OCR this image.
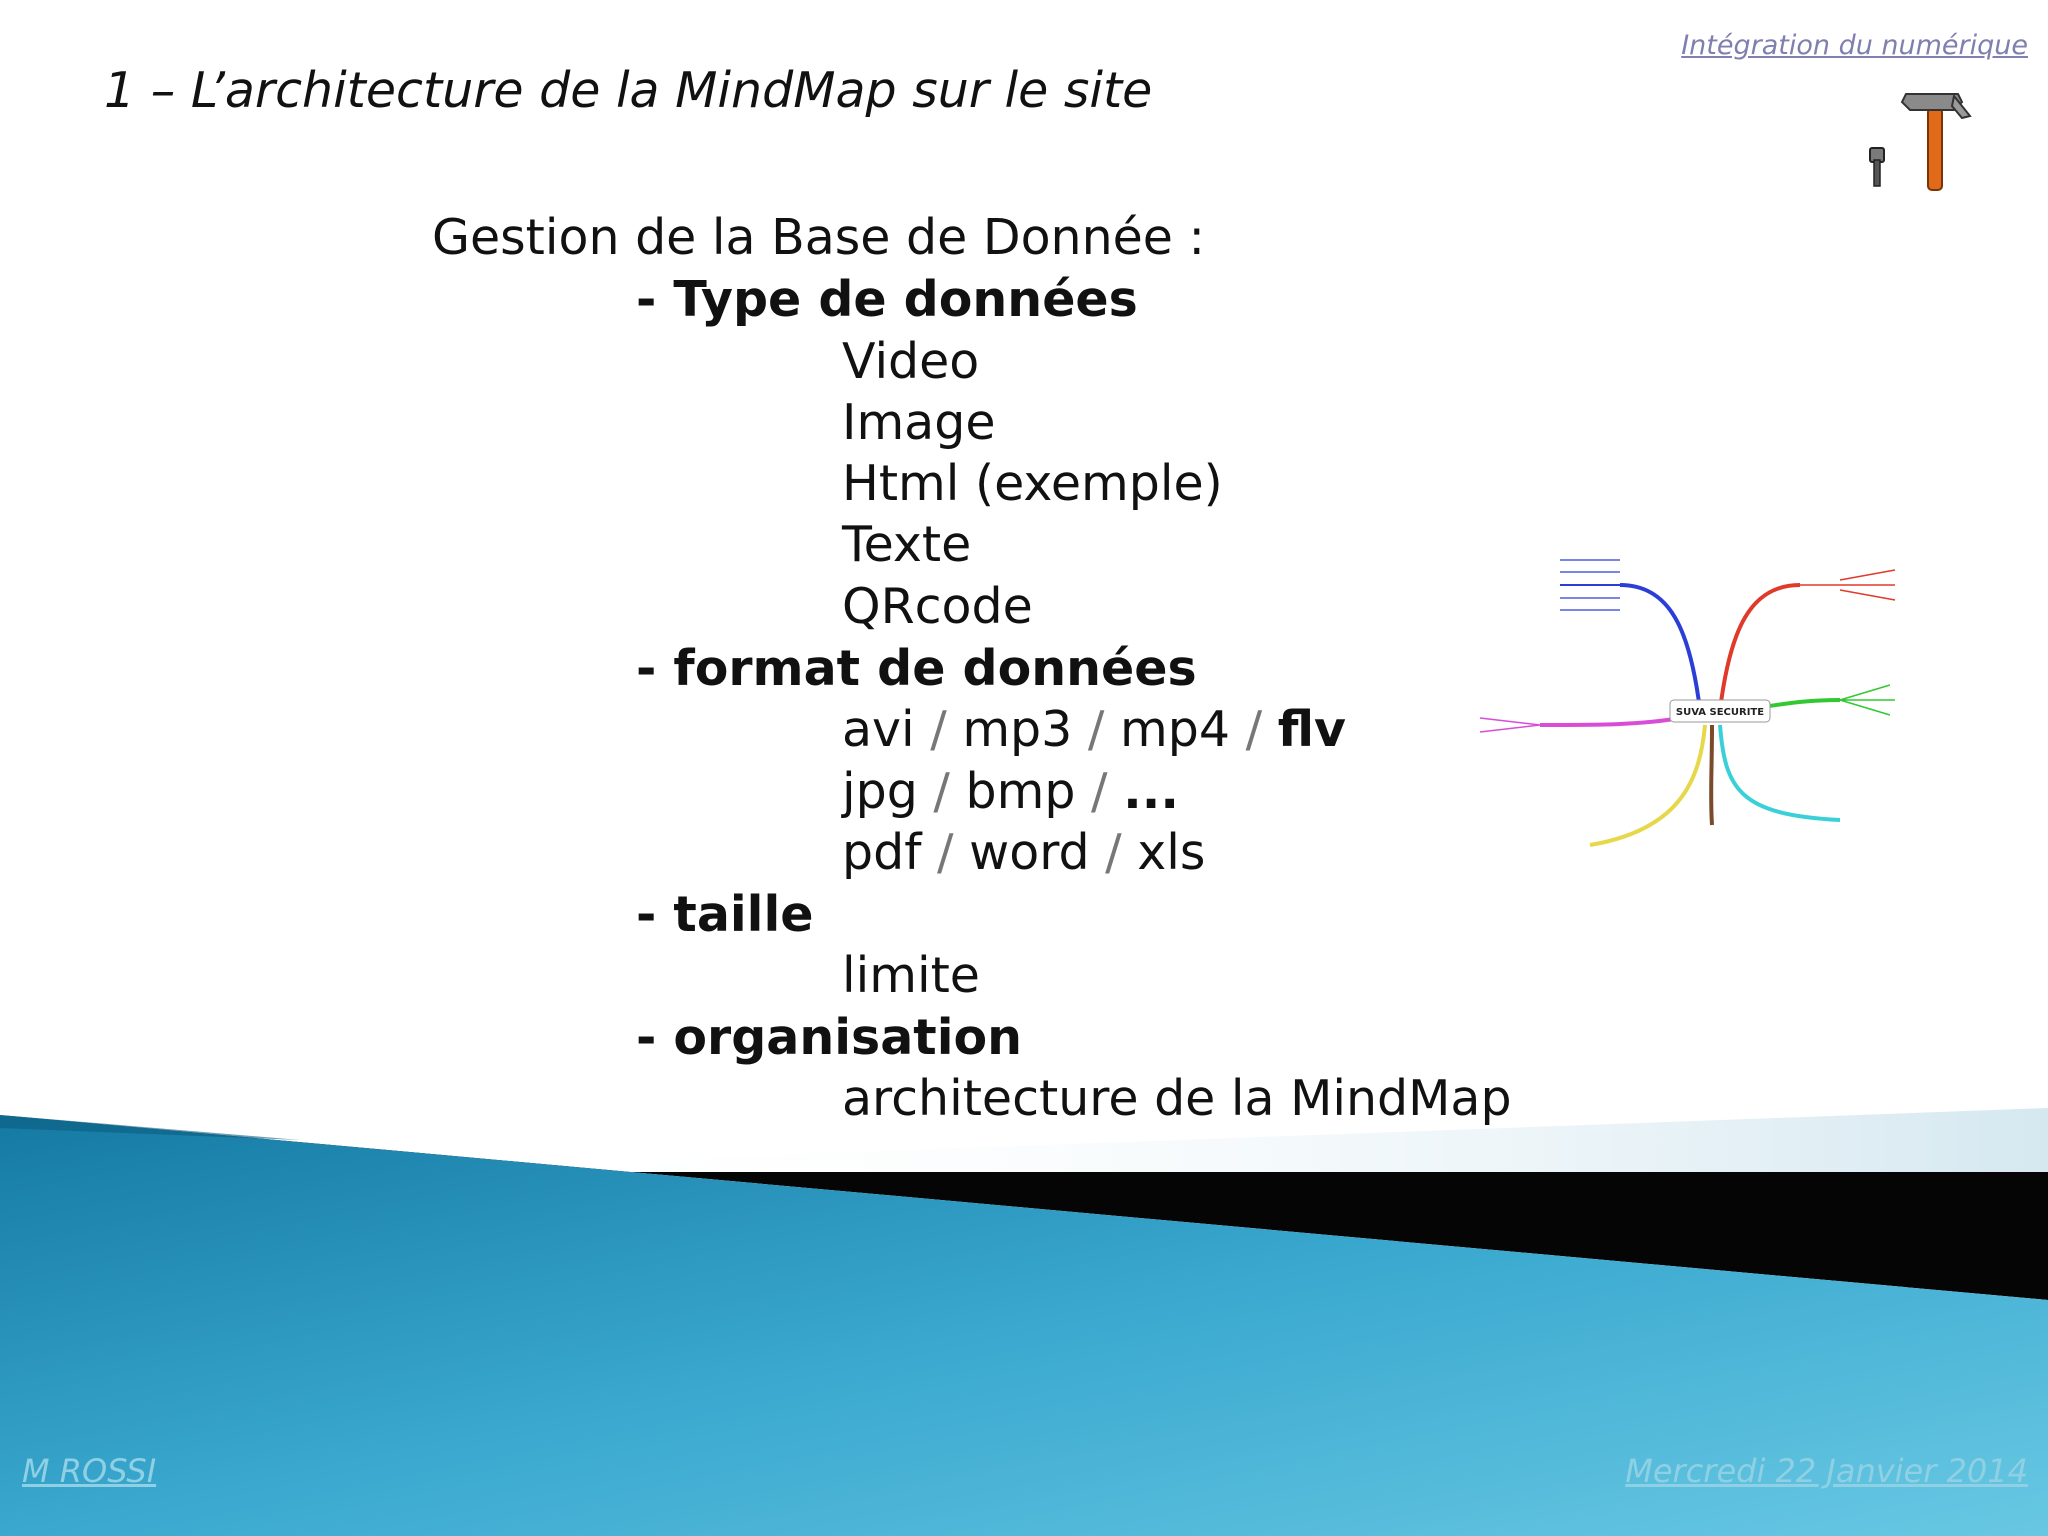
Intégration du numérique
1 – L’architecture de la MindMap sur le site
Gestion de la Base de Donnée :
- Type de données
Video
Image
Html (exemple)
Texte
QRcode
- format de données
avi / mp3 / mp4 / flv
jpg / bmp / ...
pdf / word / xls
- taille
limite
- organisation
architecture de la MindMap
SUVA SECURITE
M ROSSI	Mercredi 22 Janvier 2014
